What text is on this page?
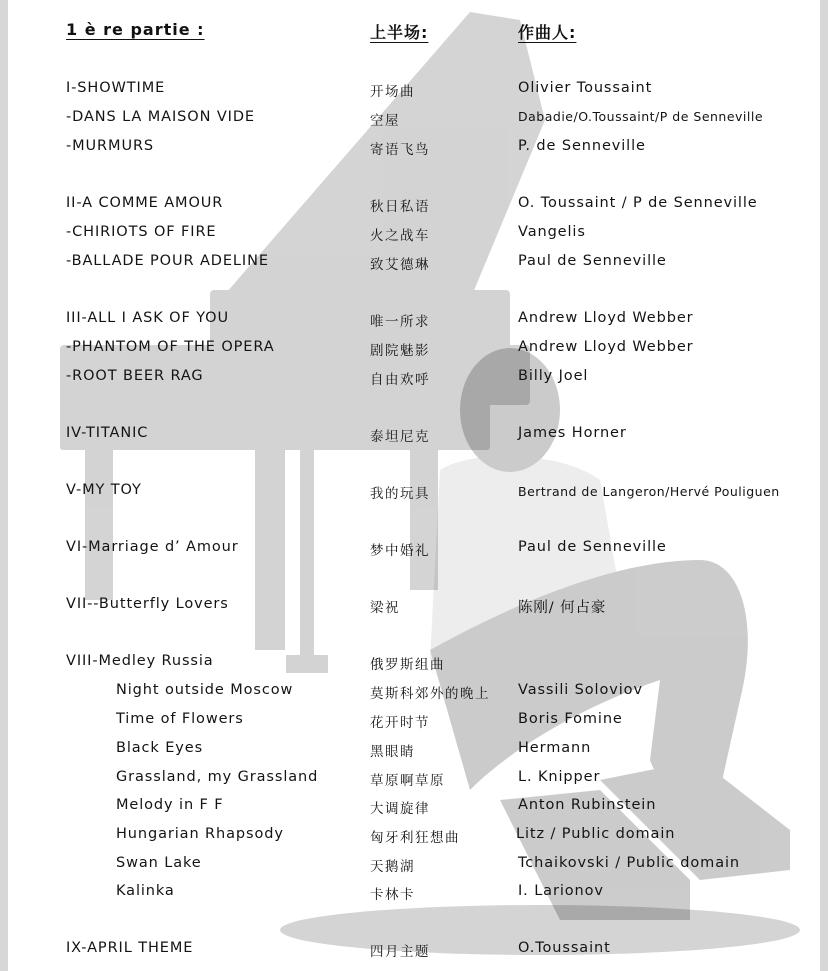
1 è re partie :	上半场:	作曲人:
I-SHOWTIME	开场曲	Olivier Toussaint
-DANS LA MAISON VIDE	空屋	Dabadie/O.Toussaint/P de Senneville
-MURMURS	寄语飞鸟	P. de Senneville
II-A COMME AMOUR	秋日私语	O. Toussaint / P de Senneville
-CHIRIOTS OF FIRE	火之战车	Vangelis
-BALLADE POUR ADELINE	致艾德琳	Paul de Senneville
III-ALL I ASK OF YOU	唯一所求	Andrew Lloyd Webber
-PHANTOM OF THE OPERA	剧院魅影	Andrew Lloyd Webber
-ROOT BEER RAG	自由欢呼	Billy Joel
IV-TITANIC	泰坦尼克	James Horner
V-MY TOY	我的玩具	Bertrand de Langeron/Hervé Pouliguen
VI-Marriage d’ Amour	梦中婚礼	Paul de Senneville
VII--Butterfly Lovers	梁祝	陈刚/ 何占豪
VIII-Medley Russia	俄罗斯组曲
Night outside Moscow	莫斯科郊外的晚上 Vassili Soloviov
Time of Flowers	花开时节	Boris Fomine
Black Eyes	黑眼睛	Hermann
Grassland, my Grassland	草原啊草原	L. Knipper
Melody in F F	大调旋律	Anton Rubinstein
Hungarian Rhapsody	匈牙利狂想曲	Litz / Public domain
Swan Lake	天鹅湖	Tchaikovski / Public domain
Kalinka	卡林卡	I. Larionov
IX-APRIL THEME	四月主题	O.Toussaint
